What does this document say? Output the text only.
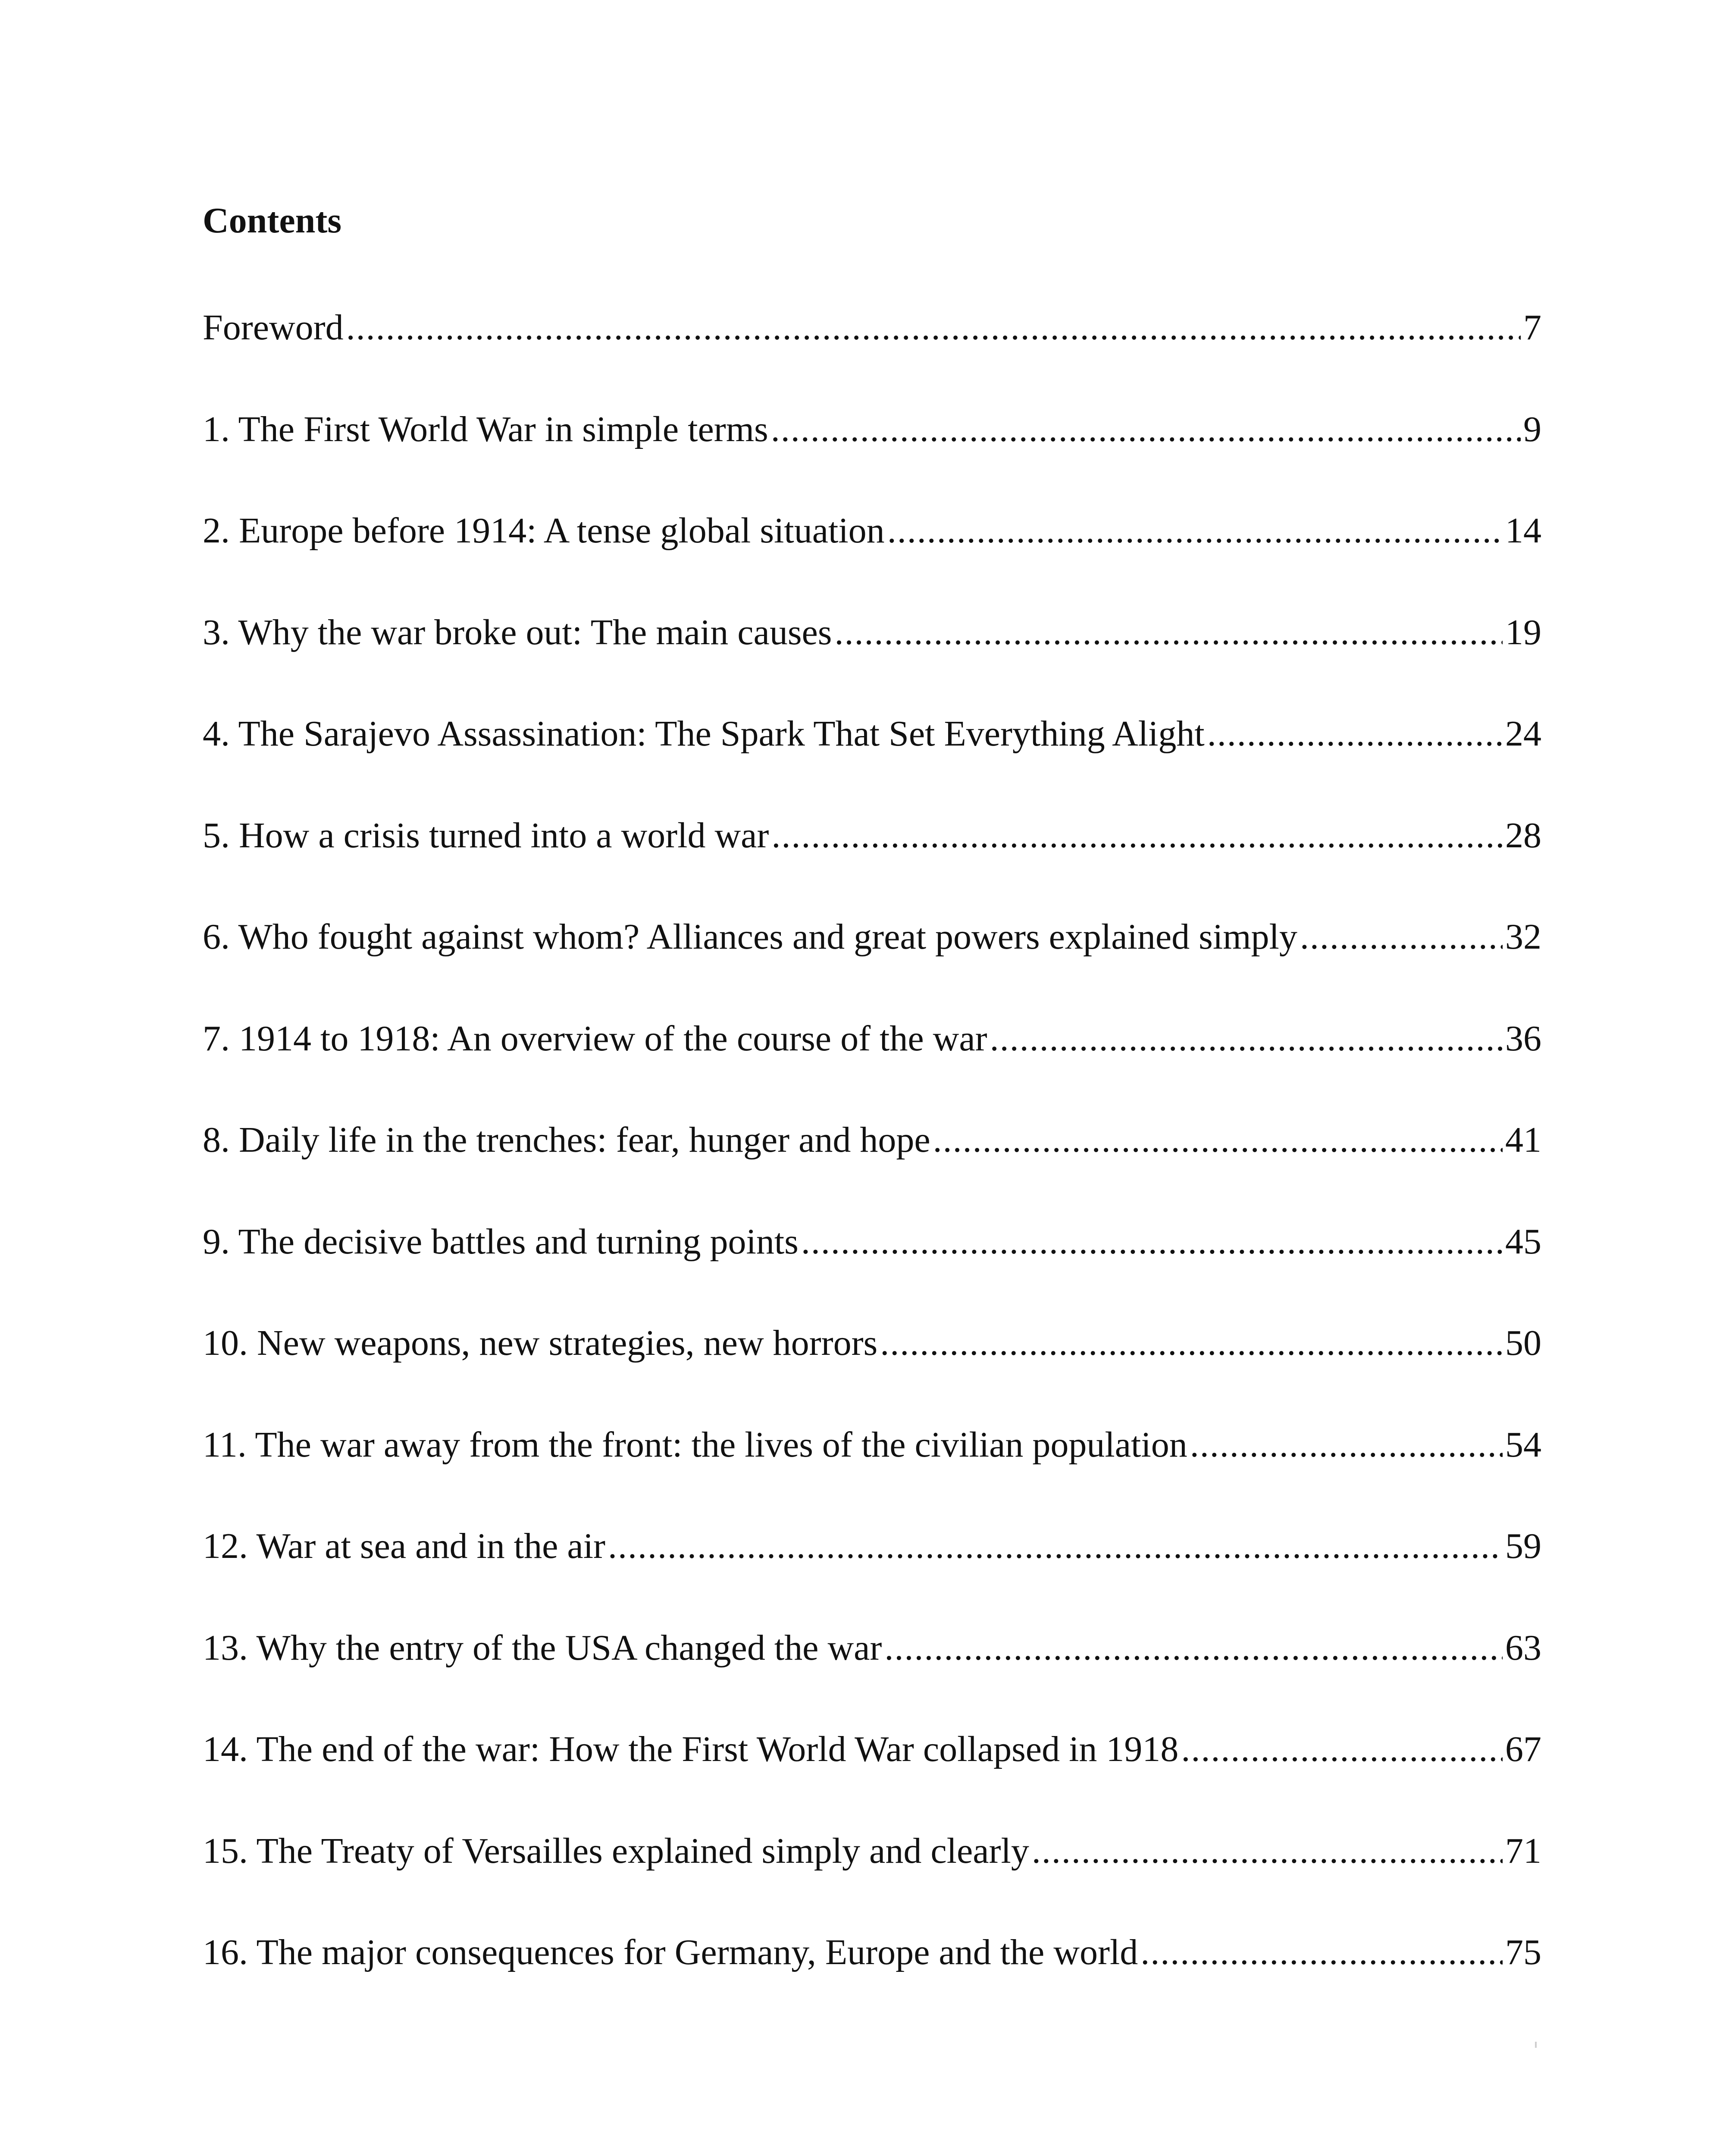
Contents
Foreword .....	7
1. The First World War in simple terms .....	9
2. Europe before 1914: A tense global situation .....	14
3. Why the war broke out: The main causes .....	19
4. The Sarajevo Assassination: The Spark That Set Everything Alight .....	24
5. How a crisis turned into a world war .....	28
6. Who fought against whom? Alliances and great powers explained simply .....	32
7. 1914 to 1918: An overview of the course of the war .....	36
8. Daily life in the trenches: fear, hunger and hope .....	41
9. The decisive battles and turning points .....	45
10. New weapons, new strategies, new horrors .....	50
11. The war away from the front: the lives of the civilian population .....	54
12. War at sea and in the air .....	59
13. Why the entry of the USA changed the war .....	63
14. The end of the war: How the First World War collapsed in 1918 .....	67
15. The Treaty of Versailles explained simply and clearly .....	71
16. The major consequences for Germany, Europe and the world .....	75
